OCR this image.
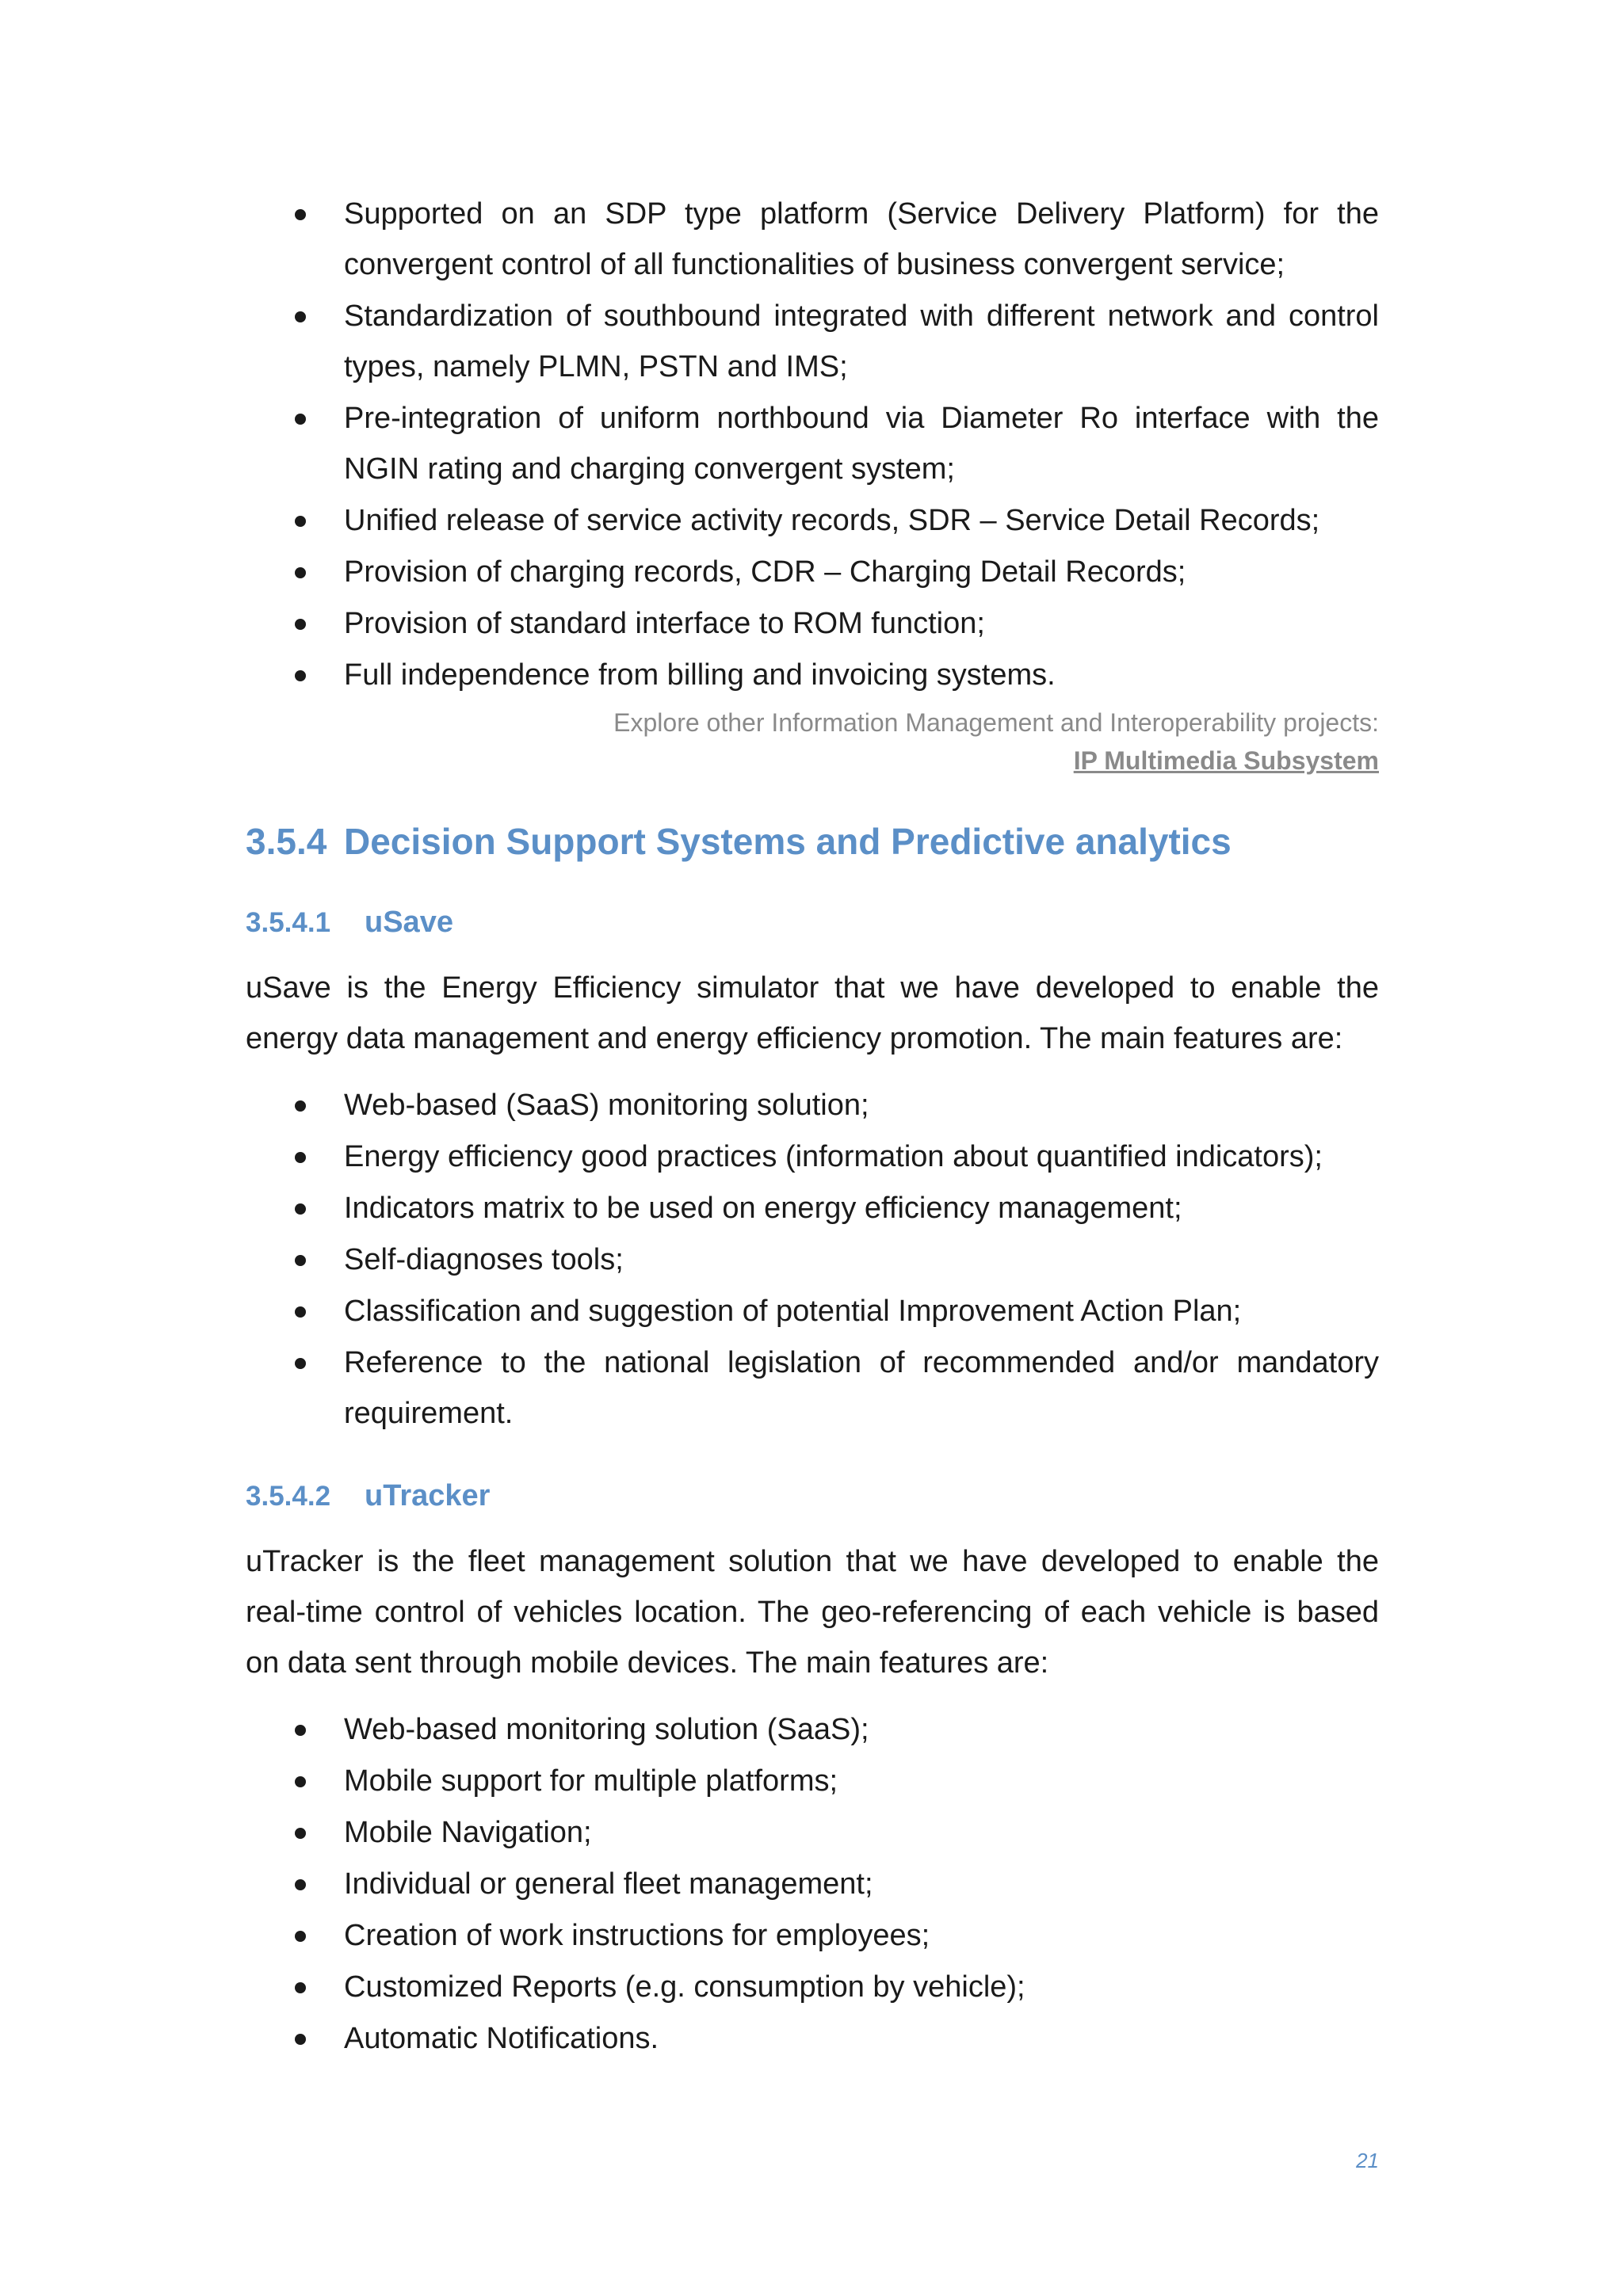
Supported on an SDP type platform (Service Delivery Platform) for the convergent control of all functionalities of business convergent service;
Standardization of southbound integrated with different network and control types, namely PLMN, PSTN and IMS;
Pre-integration of uniform northbound via Diameter Ro interface with the NGIN rating and charging convergent system;
Unified release of service activity records, SDR – Service Detail Records;
Provision of charging records, CDR – Charging Detail Records;
Provision of standard interface to ROM function;
Full independence from billing and invoicing systems.
Explore other Information Management and Interoperability projects:
IP Multimedia Subsystem
3.5.4 Decision Support Systems and Predictive analytics
3.5.4.1 uSave

uSave is the Energy Efficiency simulator that we have developed to enable the energy data management and energy efficiency promotion. The main features are:

Web-based (SaaS) monitoring solution;
Energy efficiency good practices (information about quantified indicators);
Indicators matrix to be used on energy efficiency management;
Self-diagnoses tools;
Classification and suggestion of potential Improvement Action Plan;
Reference to the national legislation of recommended and/or mandatory requirement.
3.5.4.2 uTracker

uTracker is the fleet management solution that we have developed to enable the real-time control of vehicles location. The geo-referencing of each vehicle is based on data sent through mobile devices. The main features are:

Web-based monitoring solution (SaaS);
Mobile support for multiple platforms;
Mobile Navigation;
Individual or general fleet management;
Creation of work instructions for employees;
Customized Reports (e.g. consumption by vehicle);
Automatic Notifications.
21
